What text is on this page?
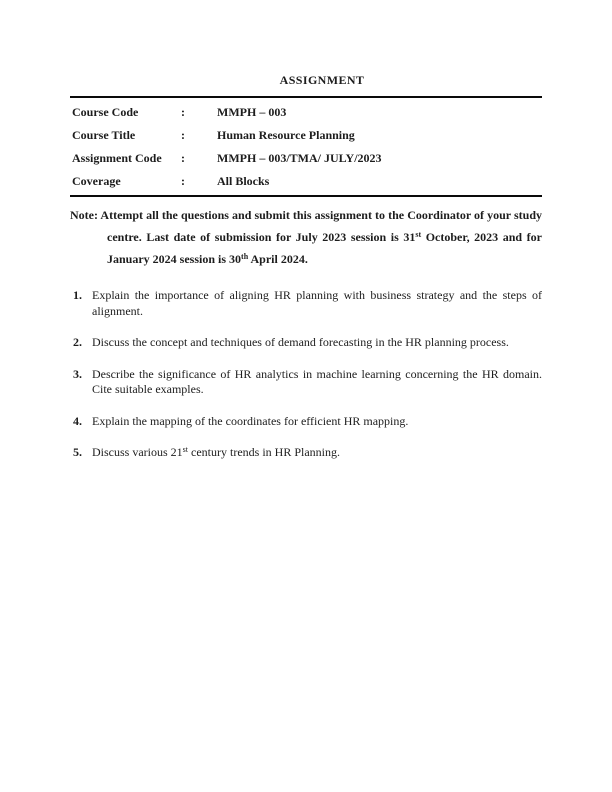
ASSIGNMENT
Course Code	:	MMPH – 003
Course Title	:	Human Resource Planning
Assignment Code	:	MMPH – 003/TMA/ JULY/2023
Coverage	:	All Blocks

Note: Attempt all the questions and submit this assignment to the Coordinator of your study centre. Last date of submission for July 2023 session is 31st October, 2023 and for January 2024 session is 30th April 2024.

1. Explain the importance of aligning HR planning with business strategy and the steps of alignment.
2. Discuss the concept and techniques of demand forecasting in the HR planning process.
3. Describe the significance of HR analytics in machine learning concerning the HR domain. Cite suitable examples.
4. Explain the mapping of the coordinates for efficient HR mapping.
5. Discuss various 21st century trends in HR Planning.
